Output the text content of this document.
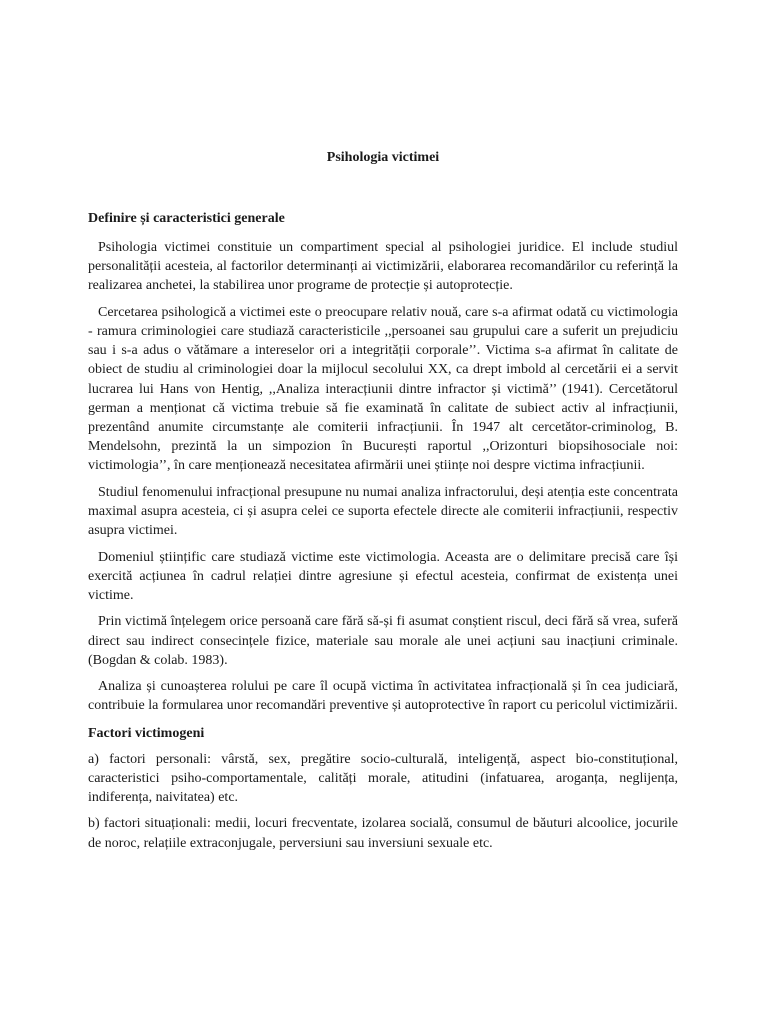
Psihologia victimei
Definire și caracteristici generale

Psihologia victimei constituie un compartiment special al psihologiei juridice. El include studiul personalității acesteia, al factorilor determinanți ai victimizării, elaborarea recomandărilor cu referință la realizarea anchetei, la stabilirea unor programe de protecție și autoprotecție.

Cercetarea psihologică a victimei este o preocupare relativ nouă, care s-a afirmat odată cu victimologia - ramura criminologiei care studiază caracteristicile ,,persoanei sau grupului care a suferit un prejudiciu sau i s-a adus o vătămare a intereselor ori a integrității corporale’’. Victima s-a afirmat în calitate de obiect de studiu al criminologiei doar la mijlocul secolului XX, ca drept imbold al cercetării ei a servit lucrarea lui Hans von Hentig, ,,Analiza interacțiunii dintre infractor și victimă’’ (1941). Cercetătorul german a menționat că victima trebuie să fie examinată în calitate de subiect activ al infracțiunii, prezentând anumite circumstanțe ale comiterii infracțiunii. În 1947 alt cercetător-criminolog, B. Mendelsohn, prezintă la un simpozion în București raportul ,,Orizonturi biopsihosociale noi: victimologia’’, în care menționează necesitatea afirmării unei științe noi despre victima infracțiunii.

Studiul fenomenului infracțional presupune nu numai analiza infractorului, deși atenția este concentrata maximal asupra acesteia, ci și asupra celei ce suporta efectele directe ale comiterii infracțiunii, respectiv asupra victimei.

Domeniul științific care studiază victime este victimologia. Aceasta are o delimitare precisă care își exercită acțiunea în cadrul relației dintre agresiune și efectul acesteia, confirmat de existența unei victime.

Prin victimă înțelegem orice persoană care fără să-și fi asumat conștient riscul, deci fără să vrea, suferă direct sau indirect consecințele fizice, materiale sau morale ale unei acțiuni sau inacțiuni criminale.(Bogdan & colab. 1983).

Analiza și cunoașterea rolului pe care îl ocupă victima în activitatea infracțională și în cea judiciară, contribuie la formularea unor recomandări preventive și autoprotective în raport cu pericolul victimizării.

Factori victimogeni

a) factori personali: vârstă, sex, pregătire socio-culturală, inteligență, aspect bio-constituțional, caracteristici psiho-comportamentale, calități morale, atitudini (infatuarea, aroganța, neglijența, indiferența, naivitatea) etc.

b) factori situaționali: medii, locuri frecventate, izolarea socială, consumul de băuturi alcoolice, jocurile de noroc, relațiile extraconjugale, perversiuni sau inversiuni sexuale etc.
